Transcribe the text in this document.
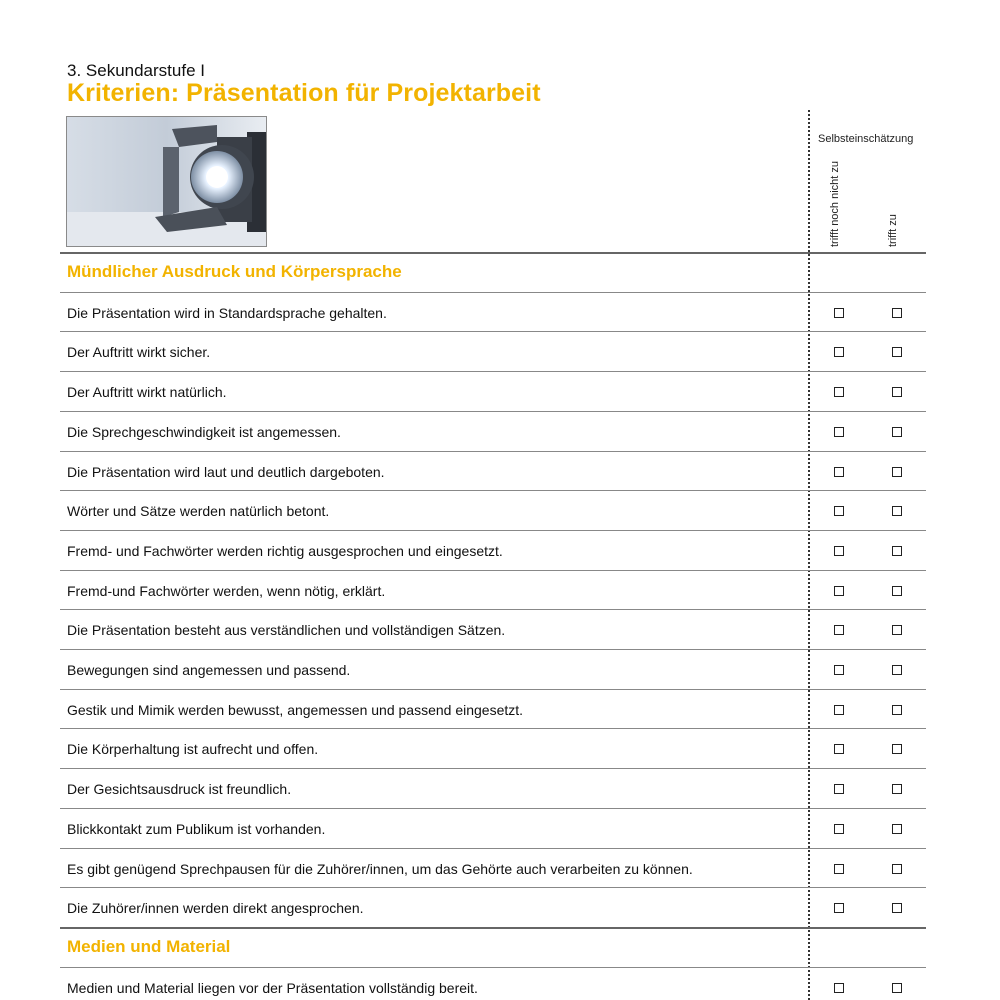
3. Sekundarstufe I
Kriterien: Präsentation für Projektarbeit
Selbsteinschätzung
trifft noch nicht zu	trifft zu
Mündlicher Ausdruck und Körpersprache
Die Präsentation wird in Standardsprache gehalten.
Der Auftritt wirkt sicher.
Der Auftritt wirkt natürlich.
Die Sprechgeschwindigkeit ist angemessen.
Die Präsentation wird laut und deutlich dargeboten.
Wörter und Sätze werden natürlich betont.
Fremd- und Fachwörter werden richtig ausgesprochen und eingesetzt.
Fremd-und Fachwörter werden, wenn nötig, erklärt.
Die Präsentation besteht aus verständlichen und vollständigen Sätzen.
Bewegungen sind angemessen und passend.
Gestik und Mimik werden bewusst, angemessen und passend eingesetzt.
Die Körperhaltung ist aufrecht und offen.
Der Gesichtsausdruck ist freundlich.
Blickkontakt zum Publikum ist vorhanden.
Es gibt genügend Sprechpausen für die Zuhörer/innen, um das Gehörte auch verarbeiten zu können.
Die Zuhörer/innen werden direkt angesprochen.
Medien und Material
Medien und Material liegen vor der Präsentation vollständig bereit.
